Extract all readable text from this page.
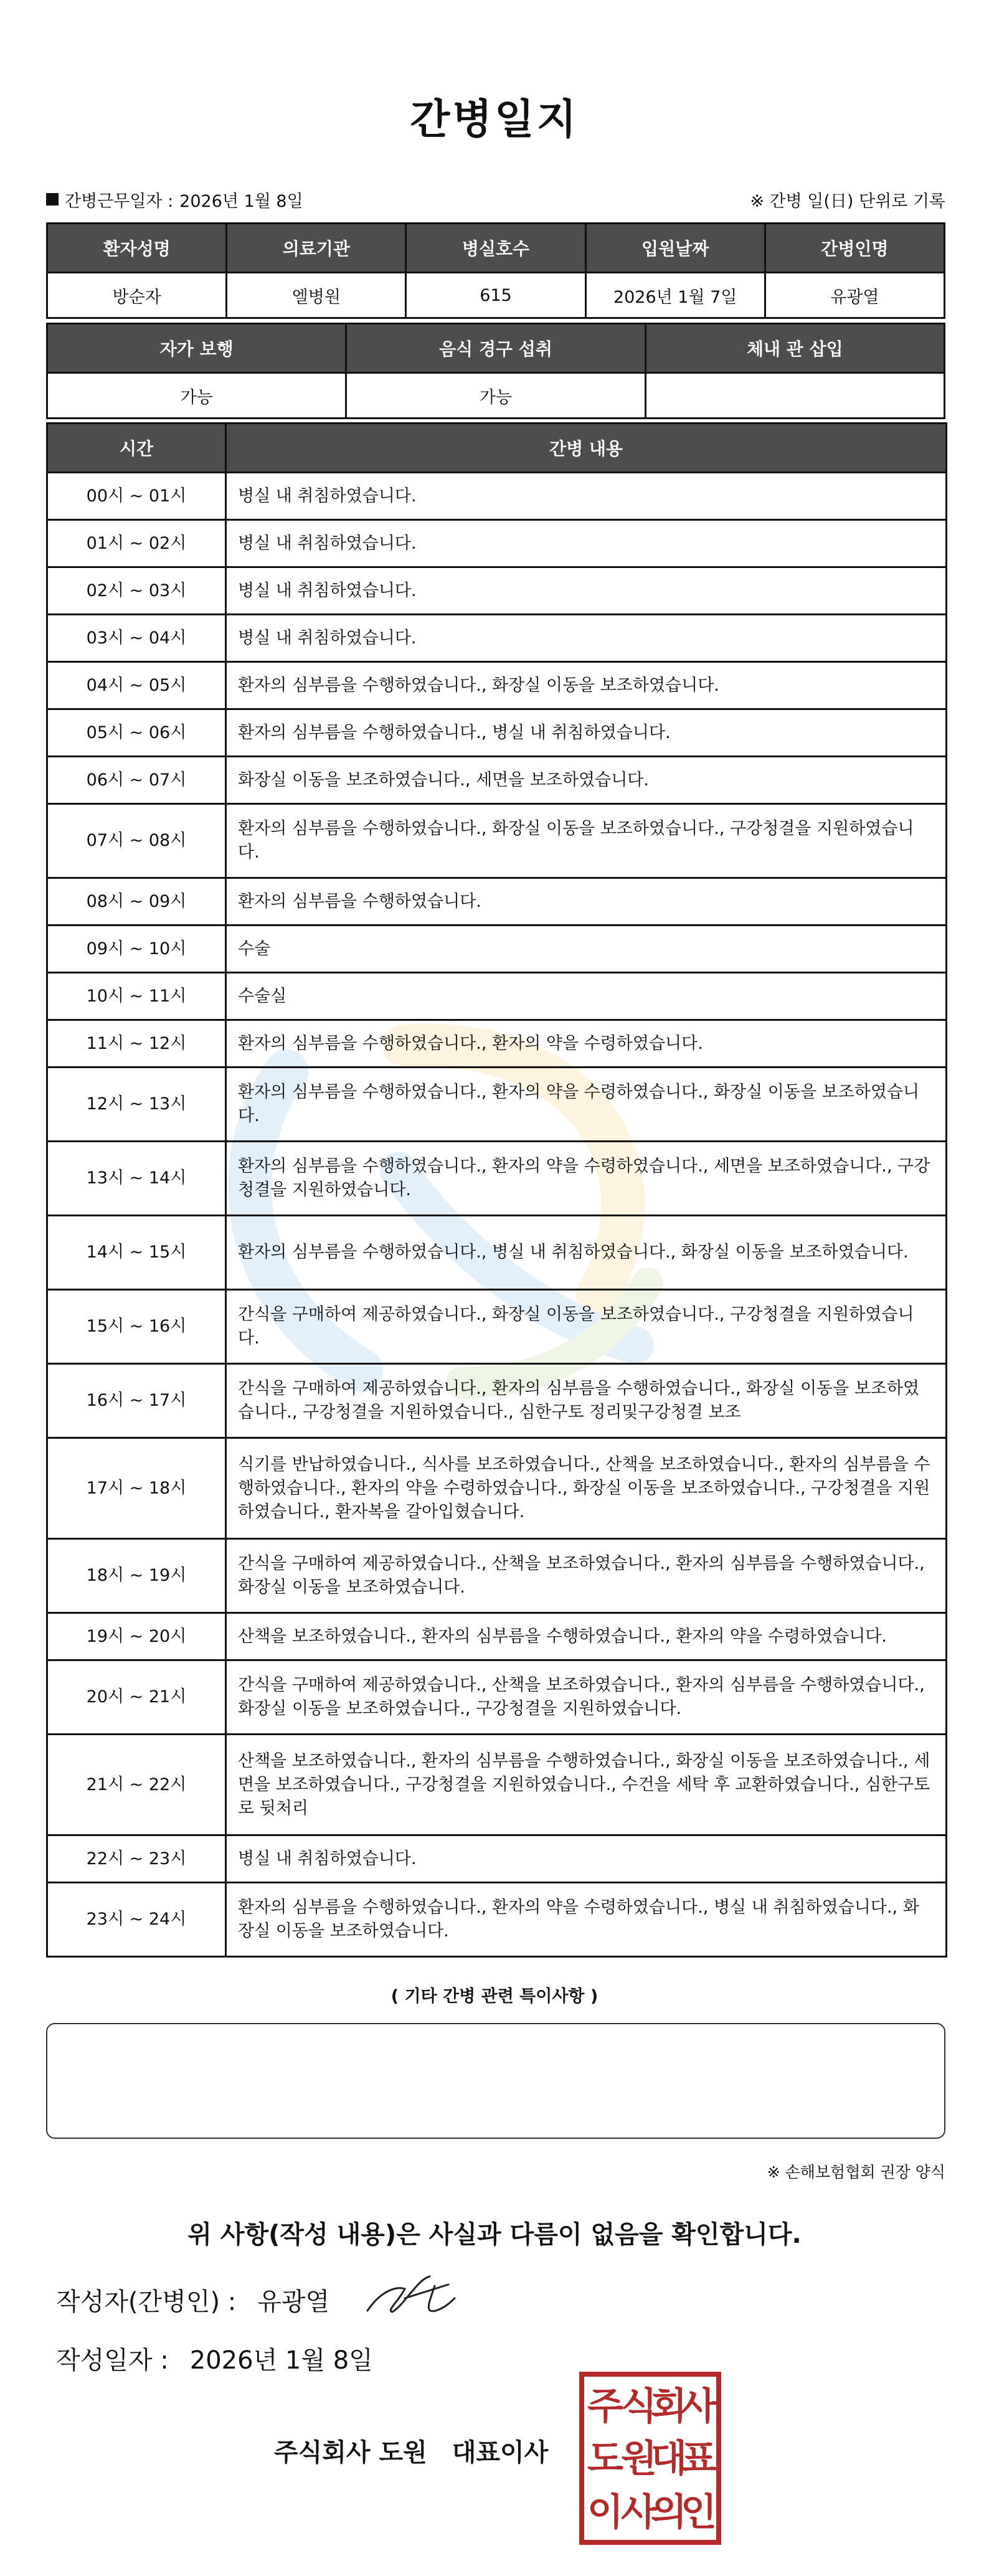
간병일지
간병근무일자 : 2026년 1월 8일	※ 간병 일(日) 단위로 기록
환자성명	의료기관	병실호수	입원날짜	간병인명
방순자	엘병원	615	2026년 1월 7일	유광열
자가 보행	음식 경구 섭취	체내 관 삽입
가능	가능	
시간	간병 내용
00시 ~ 01시	병실 내 취침하였습니다.
01시 ~ 02시	병실 내 취침하였습니다.
02시 ~ 03시	병실 내 취침하였습니다.
03시 ~ 04시	병실 내 취침하였습니다.
04시 ~ 05시	환자의 심부름을 수행하였습니다., 화장실 이동을 보조하였습니다.
05시 ~ 06시	환자의 심부름을 수행하였습니다., 병실 내 취침하였습니다.
06시 ~ 07시	화장실 이동을 보조하였습니다., 세면을 보조하였습니다.
07시 ~ 08시	환자의 심부름을 수행하였습니다., 화장실 이동을 보조하였습니다., 구강청결을 지원하였습니다.
08시 ~ 09시	환자의 심부름을 수행하였습니다.
09시 ~ 10시	수술
10시 ~ 11시	수술실
11시 ~ 12시	환자의 심부름을 수행하였습니다., 환자의 약을 수령하였습니다.
12시 ~ 13시	환자의 심부름을 수행하였습니다., 환자의 약을 수령하였습니다., 화장실 이동을 보조하였습니다.
13시 ~ 14시	환자의 심부름을 수행하였습니다., 환자의 약을 수령하였습니다., 세면을 보조하였습니다., 구강청결을 지원하였습니다.
14시 ~ 15시	환자의 심부름을 수행하였습니다., 병실 내 취침하였습니다., 화장실 이동을 보조하였습니다.
15시 ~ 16시	간식을 구매하여 제공하였습니다., 화장실 이동을 보조하였습니다., 구강청결을 지원하였습니다.
16시 ~ 17시	간식을 구매하여 제공하였습니다., 환자의 심부름을 수행하였습니다., 화장실 이동을 보조하였습니다., 구강청결을 지원하였습니다., 심한구토 정리및구강청결 보조
17시 ~ 18시	식기를 반납하였습니다., 식사를 보조하였습니다., 산책을 보조하였습니다., 환자의 심부름을 수행하였습니다., 환자의 약을 수령하였습니다., 화장실 이동을 보조하였습니다., 구강청결을 지원하였습니다., 환자복을 갈아입혔습니다.
18시 ~ 19시	간식을 구매하여 제공하였습니다., 산책을 보조하였습니다., 환자의 심부름을 수행하였습니다., 화장실 이동을 보조하였습니다.
19시 ~ 20시	산책을 보조하였습니다., 환자의 심부름을 수행하였습니다., 환자의 약을 수령하였습니다.
20시 ~ 21시	간식을 구매하여 제공하였습니다., 산책을 보조하였습니다., 환자의 심부름을 수행하였습니다., 화장실 이동을 보조하였습니다., 구강청결을 지원하였습니다.
21시 ~ 22시	산책을 보조하였습니다., 환자의 심부름을 수행하였습니다., 화장실 이동을 보조하였습니다., 세면을 보조하였습니다., 구강청결을 지원하였습니다., 수건을 세탁 후 교환하였습니다., 심한구토로 뒷처리
22시 ~ 23시	병실 내 취침하였습니다.
23시 ~ 24시	환자의 심부름을 수행하였습니다., 환자의 약을 수령하였습니다., 병실 내 취침하였습니다., 화장실 이동을 보조하였습니다.
( 기타 간병 관련 특이사항 )
※ 손해보험협회 권장 양식
위 사항(작성 내용)은 사실과 다름이 없음을 확인합니다.
작성자(간병인) : 유광열
작성일자 : 2026년 1월 8일
주식회사 도원 대표이사
주
식
회
사
도
원
대
표
이
사
의
인
